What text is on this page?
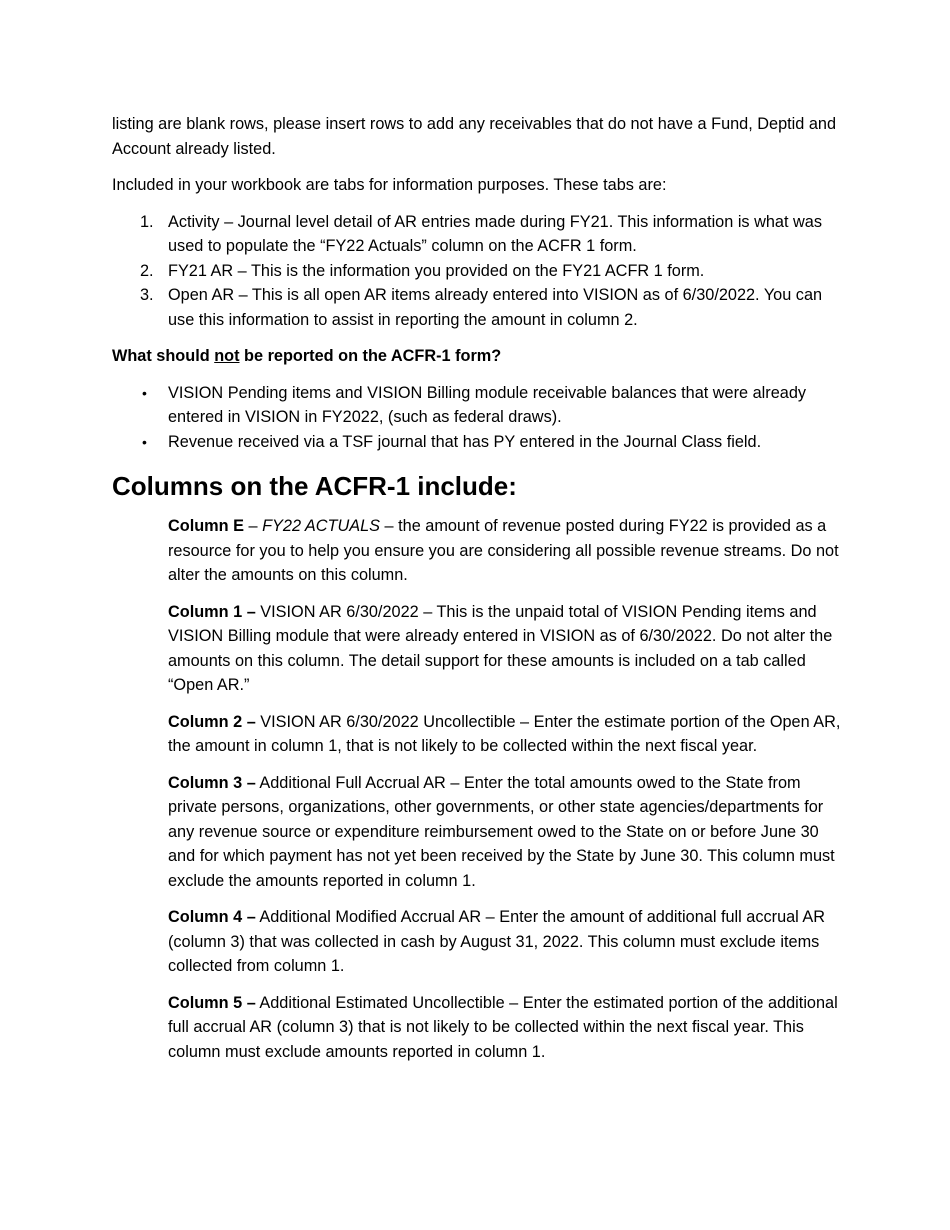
listing are blank rows, please insert rows to add any receivables that do not have a Fund, Deptid and Account already listed.

Included in your workbook are tabs for information purposes. These tabs are:

1. Activity – Journal level detail of AR entries made during FY21. This information is what was used to populate the “FY22 Actuals” column on the ACFR 1 form.
2. FY21 AR – This is the information you provided on the FY21 ACFR 1 form.
3. Open AR – This is all open AR items already entered into VISION as of 6/30/2022. You can use this information to assist in reporting the amount in column 2.

What should not be reported on the ACFR-1 form?

• VISION Pending items and VISION Billing module receivable balances that were already entered in VISION in FY2022, (such as federal draws).
• Revenue received via a TSF journal that has PY entered in the Journal Class field.
Columns on the ACFR-1 include:

Column E – FY22 ACTUALS – the amount of revenue posted during FY22 is provided as a resource for you to help you ensure you are considering all possible revenue streams. Do not alter the amounts on this column.

Column 1 – VISION AR 6/30/2022 – This is the unpaid total of VISION Pending items and VISION Billing module that were already entered in VISION as of 6/30/2022. Do not alter the amounts on this column. The detail support for these amounts is included on a tab called “Open AR.”

Column 2 – VISION AR 6/30/2022 Uncollectible – Enter the estimate portion of the Open AR, the amount in column 1, that is not likely to be collected within the next fiscal year.

Column 3 – Additional Full Accrual AR – Enter the total amounts owed to the State from private persons, organizations, other governments, or other state agencies/departments for any revenue source or expenditure reimbursement owed to the State on or before June 30 and for which payment has not yet been received by the State by June 30. This column must exclude the amounts reported in column 1.

Column 4 – Additional Modified Accrual AR – Enter the amount of additional full accrual AR (column 3) that was collected in cash by August 31, 2022. This column must exclude items collected from column 1.

Column 5 – Additional Estimated Uncollectible – Enter the estimated portion of the additional full accrual AR (column 3) that is not likely to be collected within the next fiscal year. This column must exclude amounts reported in column 1.
